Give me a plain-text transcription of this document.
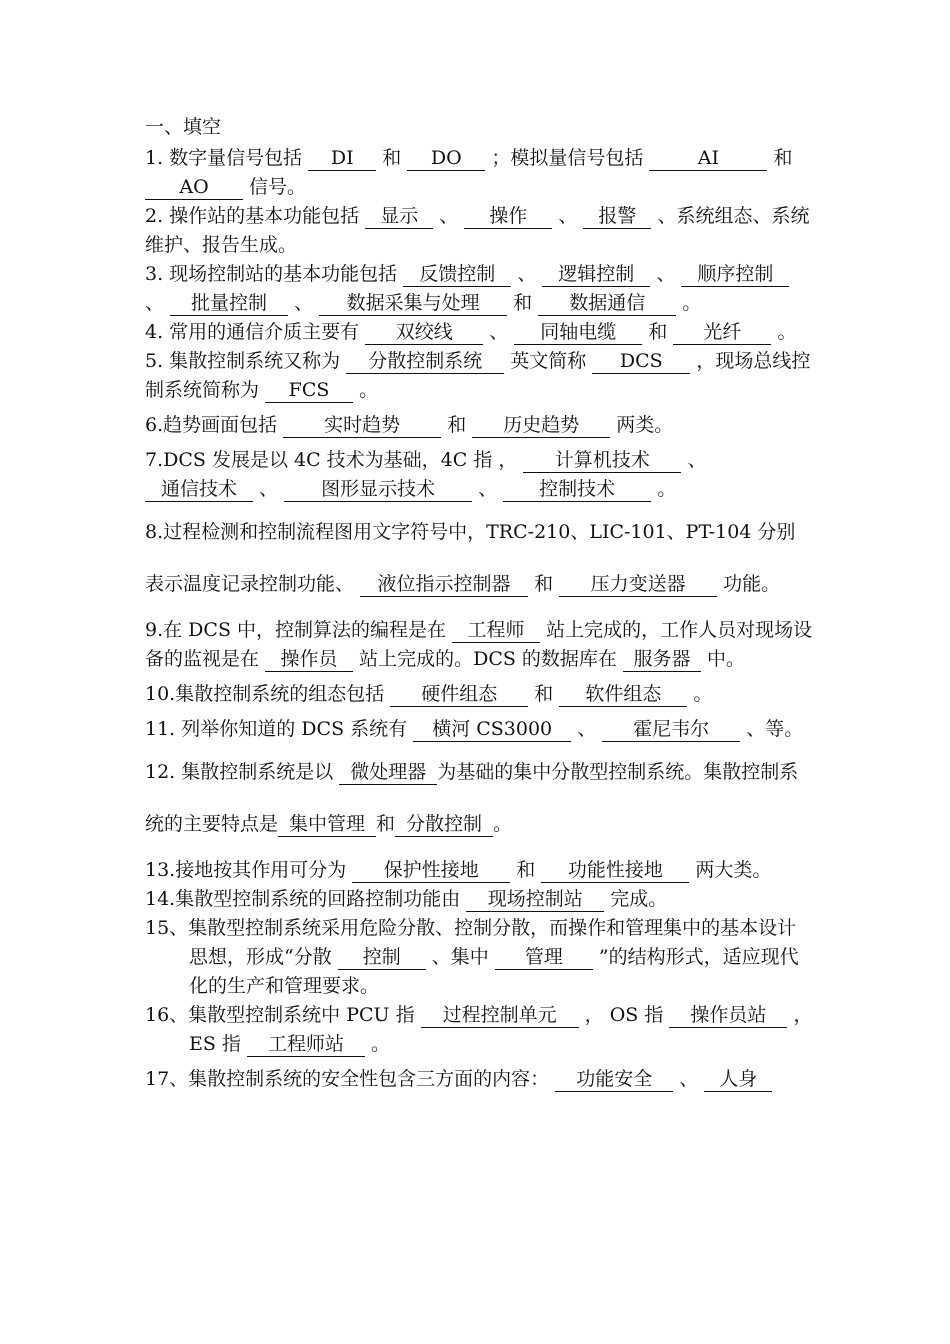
一、填空
1. 数字量信号包括 DI 和 DO ；模拟量信号包括	AI	和 AO 信号。
2. 操作站的基本功能包括 显示 、 操作 、 报警 、系统组态、系统维护、报告生成。
3. 现场控制站的基本功能包括 反馈控制 、 逻辑控制 、 顺序控制 、 批量控制 、 数据采集与处理 和 数据通信 。
4. 常用的通信介质主要有 双绞线 、 同轴电缆 和 光纤 。
5. 集散控制系统又称为 分散控制系统 英文简称 DCS ，现场总线控制系统简称为 FCS 。
6.趋势画面包括 实时趋势 和 历史趋势 两类。
7.DCS 发展是以 4C 技术为基础，4C 指 ， 计算机技术 、 通信技术 、 图形显示技术 、 控制技术 。
8.过程检测和控制流程图用文字符号中，TRC-210、LIC-101、PT-104 分别表示温度记录控制功能、 液位指示控制器 和 压力变送器 功能。
9.在 DCS 中，控制算法的编程是在 工程师 站上完成的，工作人员对现场设备的监视是在 操作员 站上完成的。DCS 的数据库在 服务器 中。
10.集散控制系统的组态包括 硬件组态 和 软件组态 。
11. 列举你知道的 DCS 系统有 横河 CS3000 、 霍尼韦尔 、等。
12. 集散控制系统是以 微处理器 为基础的集中分散型控制系统。集散控制系统的主要特点是 集中管理 和 分散控制 。
13.接地按其作用可分为 保护性接地 和 功能性接地 两大类。
14.集散型控制系统的回路控制功能由 现场控制站 完成。
15、集散型控制系统采用危险分散、控制分散，而操作和管理集中的基本设计思想，形成“分散 控制 、集中 管理 ”的结构形式，适应现代化的生产和管理要求。
16、集散型控制系统中 PCU 指 过程控制单元 ， OS 指 操作员站 ，ES 指 工程师站 。
17、集散控制系统的安全性包含三方面的内容： 功能安全 、 人身
